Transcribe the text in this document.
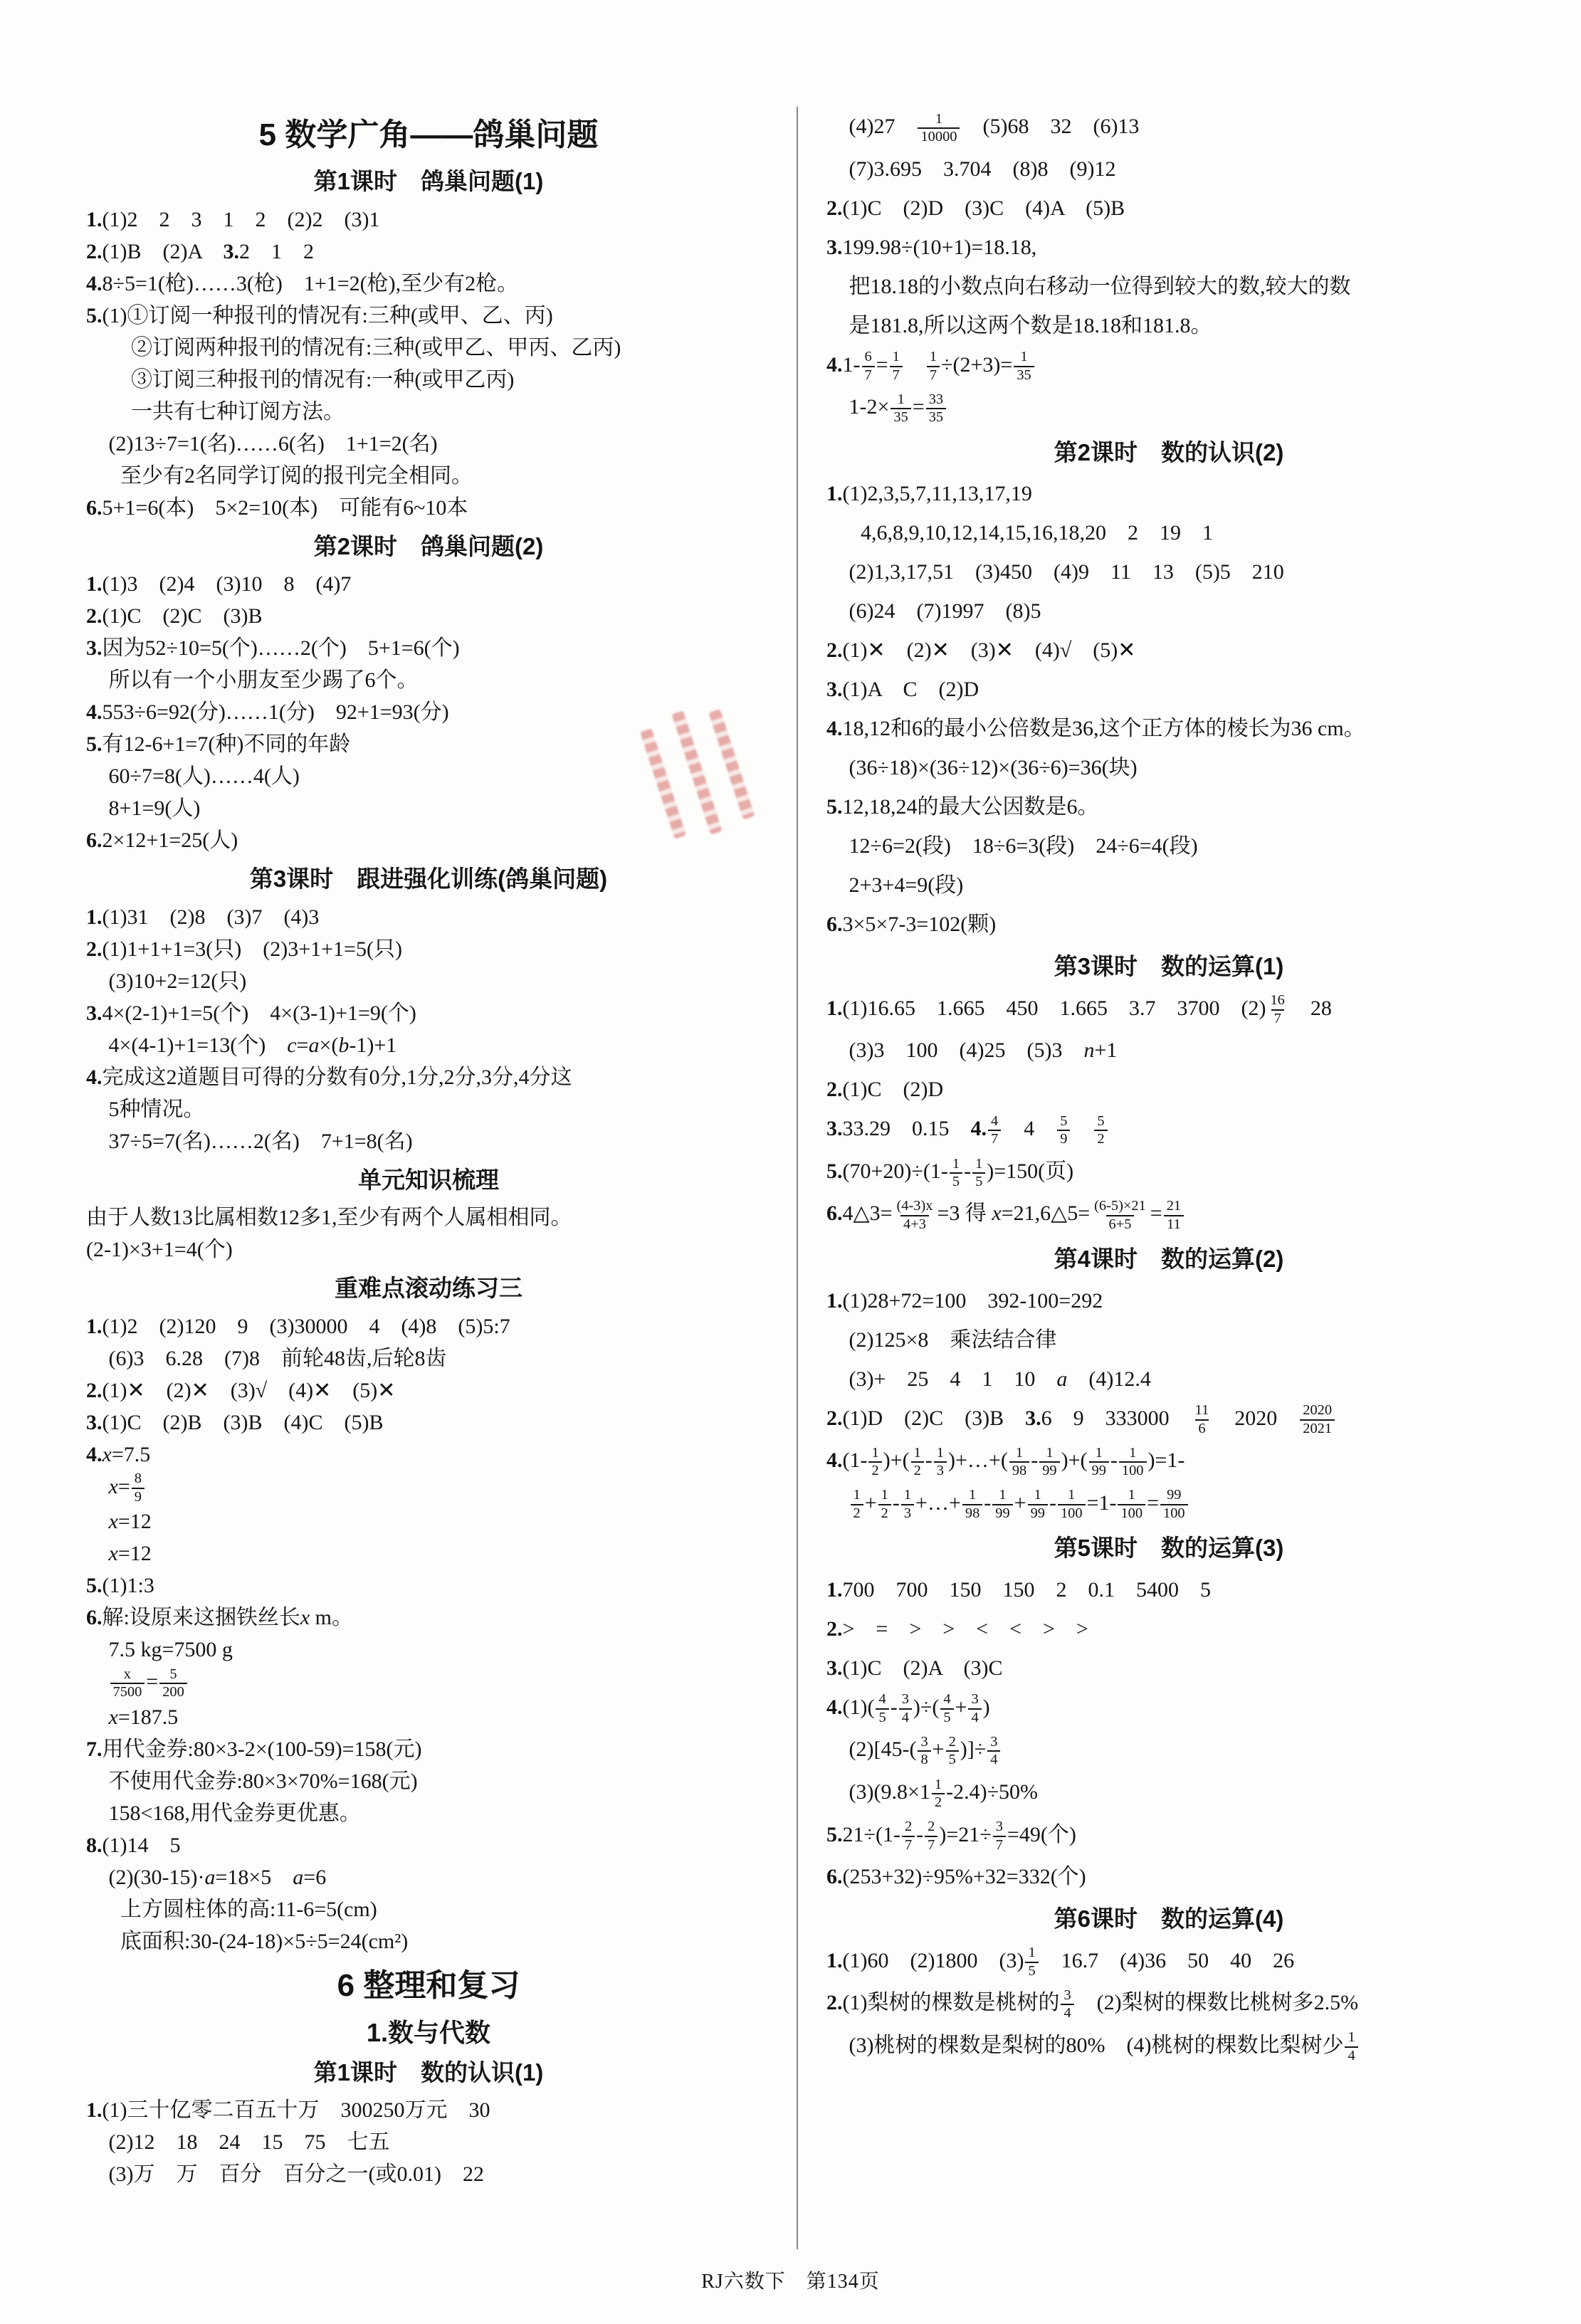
5 数学广角——鸽巢问题
第1课时　鸽巢问题(1)
1.(1)2　2　3　1　2　(2)2　(3)1
2.(1)B　(2)A　3.2　1　2
4.8÷5=1(枪)……3(枪)　1+1=2(枪),至少有2枪。
5.(1)①订阅一种报刊的情况有:三种(或甲、乙、丙)
②订阅两种报刊的情况有:三种(或甲乙、甲丙、乙丙)
③订阅三种报刊的情况有:一种(或甲乙丙)
一共有七种订阅方法。
(2)13÷7=1(名)……6(名)　1+1=2(名)
至少有2名同学订阅的报刊完全相同。
6.5+1=6(本)　5×2=10(本)　可能有6~10本
第2课时　鸽巢问题(2)
1.(1)3　(2)4　(3)10　8　(4)7
2.(1)C　(2)C　(3)B
3.因为52÷10=5(个)……2(个)　5+1=6(个)
所以有一个小朋友至少踢了6个。
4.553÷6=92(分)……1(分)　92+1=93(分)
5.有12-6+1=7(种)不同的年龄
60÷7=8(人)……4(人)
8+1=9(人)
6.2×12+1=25(人)
第3课时　跟进强化训练(鸽巢问题)
1.(1)31　(2)8　(3)7　(4)3
2.(1)1+1+1=3(只)　(2)3+1+1=5(只)
(3)10+2=12(只)
3.4×(2-1)+1=5(个)　4×(3-1)+1=9(个)
4×(4-1)+1=13(个)　c=a×(b-1)+1
4.完成这2道题目可得的分数有0分,1分,2分,3分,4分这
5种情况。
37÷5=7(名)……2(名)　7+1=8(名)
单元知识梳理
由于人数13比属相数12多1,至少有两个人属相相同。
(2-1)×3+1=4(个)
重难点滚动练习三
1.(1)2　(2)120　9　(3)30000　4　(4)8　(5)5:7
(6)3　6.28　(7)8　前轮48齿,后轮8齿
2.(1)✕　(2)✕　(3)√　(4)✕　(5)✕
3.(1)C　(2)B　(3)B　(4)C　(5)B
4.x=7.5
$x= \frac{8}{9}$
x=12
x=12
5.(1)1:3
6.解:设原来这捆铁丝长x m。
7.5 kg=7500 g
$\frac{x}{7500} = \frac{5}{200}$
x=187.5
7.用代金券:80×3-2×(100-59)=158(元)
不使用代金券:80×3×70%=168(元)
158<168,用代金券更优惠。
8.(1)14　5
(2)(30-15)·a=18×5　a=6
上方圆柱体的高:11-6=5(cm)
底面积:30-(24-18)×5÷5=24(cm²)
6 整理和复习
1.数与代数
第1课时　数的认识(1)
1.(1)三十亿零二百五十万　300250万元　30
(2)12　18　24　15　75　七五
(3)万　万　百分　百分之一(或0.01)　22
(4)27　 $\frac{1}{10000}$ 　(5)68　32　(6)13
(7)3.695　3.704　(8)8　(9)12
2.(1)C　(2)D　(3)C　(4)A　(5)B
3.199.98÷(10+1)=18.18,
把18.18的小数点向右移动一位得到较大的数,较大的数
是181.8,所以这两个数是18.18和181.8。
$4.1- \frac{6}{7} = \frac{1}{7}$
　 $\frac{1}{7} \div(2+3)= \frac{1}{35}$
$1-2\times \frac{1}{35} = \frac{33}{35}$
第2课时　数的认识(2)
1.(1)2,3,5,7,11,13,17,19
4,6,8,9,10,12,14,15,16,18,20　2　19　1
(2)1,3,17,51　(3)450　(4)9　11　13　(5)5　210
(6)24　(7)1997　(8)5
2.(1)✕　(2)✕　(3)✕　(4)√　(5)✕
3.(1)A　C　(2)D
4.18,12和6的最小公倍数是36,这个正方体的棱长为36 cm。
(36÷18)×(36÷12)×(36÷6)=36(块)
5.12,18,24的最大公因数是6。
12÷6=2(段)　18÷6=3(段)　24÷6=4(段)
2+3+4=9(段)
6.3×5×7-3=102(颗)
第3课时　数的运算(1)
1.(1)16.65　1.665　450　1.665　3.7　3700　$(2) \frac{16}{7}$ 　28
(3)3　100　(4)25　(5)3　n+1
2.(1)C　(2)D
3.33.29　0.15　4. $\frac{4}{7}$ 　4　 $\frac{5}{9}$
　 $\frac{5}{2}$
$5.(70+20)\div(1- \frac{1}{5} - \frac{1}{5} )=150$(页)
6.4△3= $\frac{(4-3)x}{4+3} =3$ 得 x=21,6△5= $\frac{(6-5)\times 21}{6+5} = \frac{21}{11}$
第4课时　数的运算(2)
1.(1)28+72=100　392-100=292
(2)125×8　乘法结合律
(3)+　25　4　1　10　a　(4)12.4
2.(1)D　(2)C　(3)B　3.6　9　333000　 $\frac{11}{6}$ 　2020　 $\frac{2020}{2021}$
$4.(1- \frac{1}{2}$ )+( $\frac{1}{2} - \frac{1}{3}$ )+…+( $\frac{1}{98} - \frac{1}{99}$ )+( $\frac{1}{99} - \frac{1}{100} )=1-$
$\frac{1}{2} + \frac{1}{2} - \frac{1}{3}$ +…+ $\frac{1}{98} - \frac{1}{99} + \frac{1}{99} - \frac{1}{100} =1- \frac{1}{100} = \frac{99}{100}$
第5课时　数的运算(3)
1.700　700　150　150　2　0.1　5400　5
2.>　=　>　>　<　<　>　>
3.(1)C　(2)A　(3)C
$4.(1)( \frac{4}{5} - \frac{3}{4}$ )÷( $\frac{4}{5} + \frac{3}{4}$ )
$(2)[45-( \frac{3}{8} + \frac{2}{5}$ )]÷ $\frac{3}{4}$
$(3)(9.8\times 1 \frac{1}{2} -2.4)\div 50\%$
$5.21\div(1- \frac{2}{7} - \frac{2}{7} )=21\div \frac{3}{7} =49$(个)
6.(253+32)÷95%+32=332(个)
第6课时　数的运算(4)
1.(1)60　(2)1800　$(3) \frac{1}{5}$ 　16.7　(4)36　50　40　26
2.(1)梨树的棵数是桃树的 $\frac{3}{4}$ 　(2)梨树的棵数比桃树多2.5%
(3)桃树的棵数是梨树的80%　(4)桃树的棵数比梨树少 $\frac{1}{4}$
RJ六数下　第134页
